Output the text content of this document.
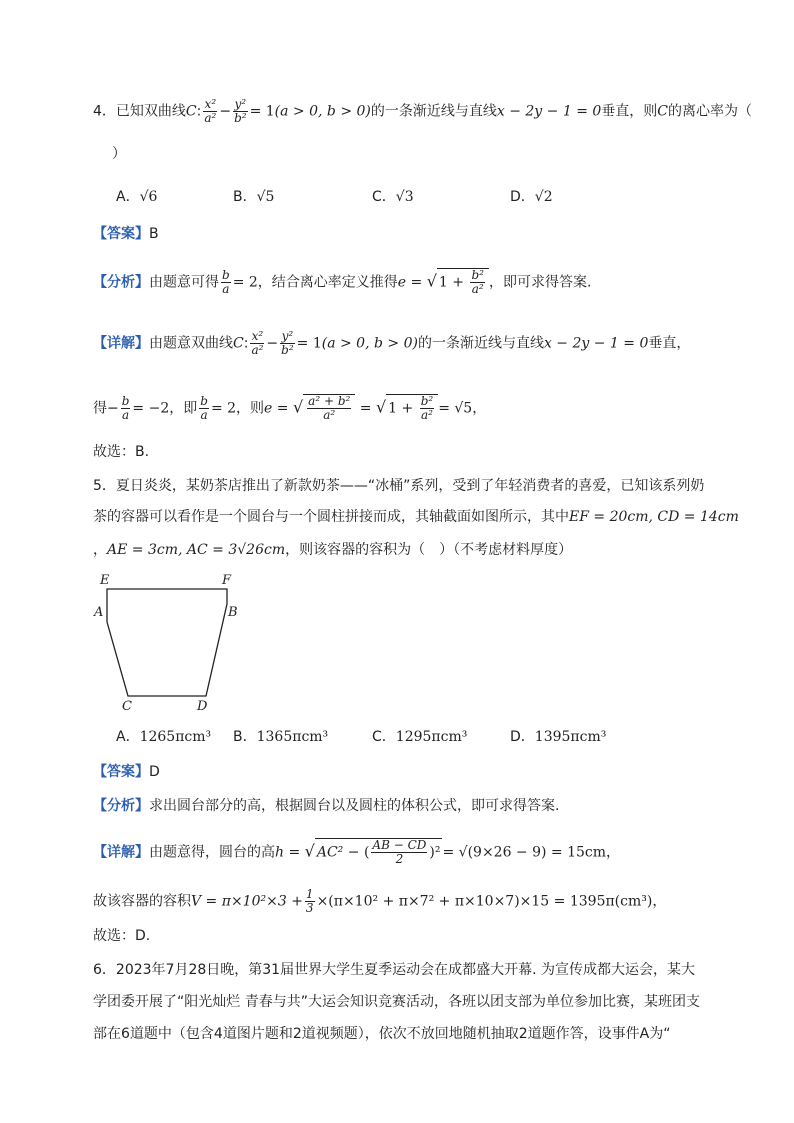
4．已知双曲线C: $\frac{\text{x²}}{\text{a²}} - \frac{\text{y²}}{\text{b²}} = 1(a > 0$, b > 0)的一条渐近线与直线x − 2y − 1 = 0垂直，则C的离心率为（
）
A．√6	B．√5	C．√3	D．√2
【答案】B
【分析】由题意可得 $\frac{b}{a} = 2$，结合离心率定义推得e = √ $1 + \frac{\text{b²}}{\text{a²}}$ ，即可求得答案.
【详解】由题意双曲线C: $\frac{\text{x²}}{\text{a²}} - \frac{\text{y²}}{\text{b²}} = 1(a > 0$, b > 0)的一条渐近线与直线x − 2y − 1 = 0垂直，
得− $\frac{b}{a} = -2$，即 $\frac{b}{a} = 2$，则e = √ $\frac{\text{a² + b²}}{\text{a²}}$ = √ $1 + \frac{\text{b²}}{\text{a²}} = √5$，
故选：B.
5．夏日炎炎，某奶茶店推出了新款奶茶——“冰桶”系列，受到了年轻消费者的喜爱，已知该系列奶
茶的容器可以看作是一个圆台与一个圆柱拼接而成，其轴截面如图所示，其中EF = 20cm, CD = 14cm
，AE = 3cm, AC = 3√26cm，则该容器的容积为（　）（不考虑材料厚度）
E	F
A	B
C	D
A．1265πcm³ B．1365πcm³	C．1295πcm³	D．1395πcm³
【答案】D
【分析】求出圆台部分的高，根据圆台以及圆柱的体积公式，即可求得答案.
【详解】由题意得，圆台的高h = √ AC² − ( $\frac{AB - CD}{2} )^2 = √(9\times 26 - 9) = 15cm$，
故该容器的容积$V = \pi\times 10^2\times 3 + \frac{1}{3} \times(\pi\times 10^2 + \pi\times 7^2 + \pi\times 10\times 7)\times 15 = 1395\pi(cm^3)$，
故选：D.
6．2023年7月28日晚，第31届世界大学生夏季运动会在成都盛大开幕. 为宣传成都大运会，某大
学团委开展了“阳光灿烂 青春与共”大运会知识竞赛活动，各班以团支部为单位参加比赛，某班团支
部在6道题中（包含4道图片题和2道视频题），依次不放回地随机抽取2道题作答，设事件A为“
